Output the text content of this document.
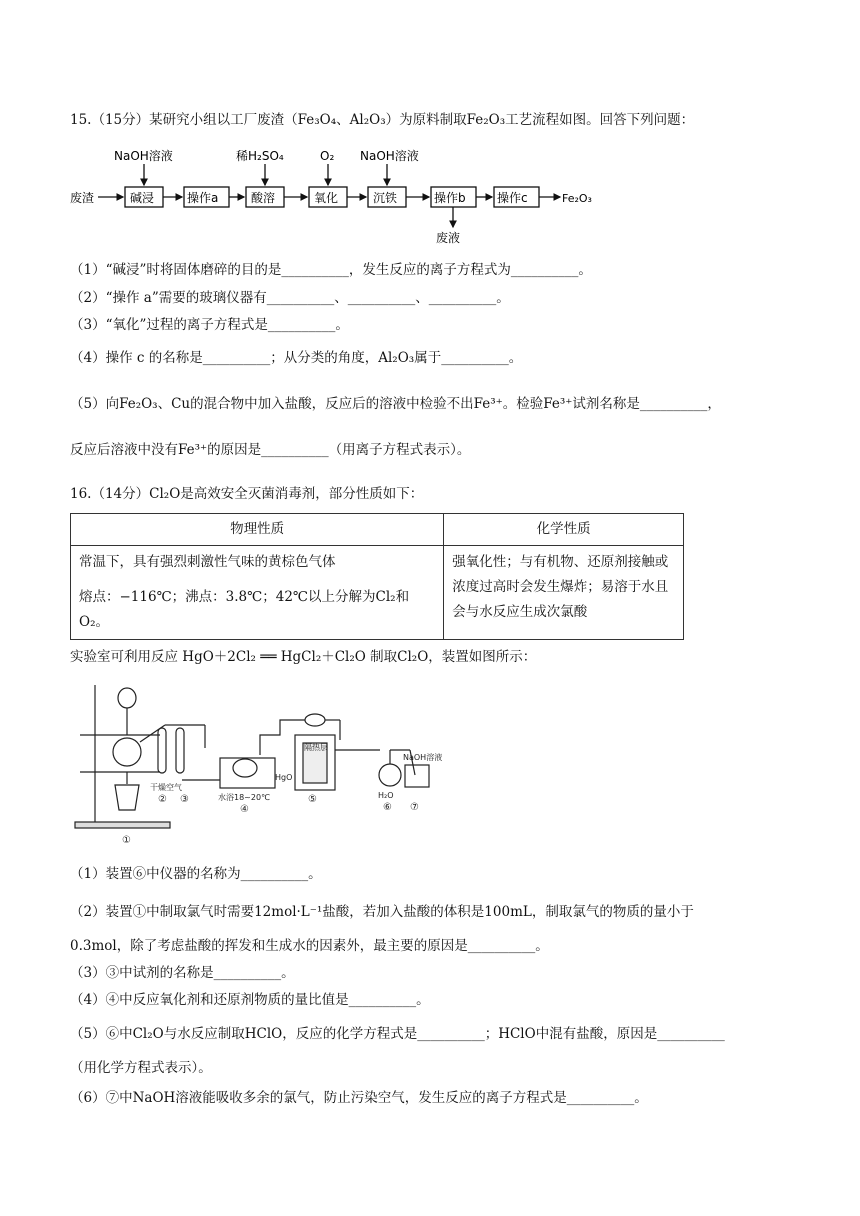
15.（15分）某研究小组以工厂废渣（Fe₃O₄、Al₂O₃）为原料制取Fe₂O₃工艺流程如图。回答下列问题：
废渣	碱浸	操作a	酸溶	氧化	沉铁	操作b	操作c	Fe₂O₃
NaOH溶液	稀H₂SO₄	O₂ NaOH溶液
废液
（1）“碱浸”时将固体磨碎的目的是__________，发生反应的离子方程式为__________。
（2）“操作 a”需要的玻璃仪器有__________、__________、__________。
（3）“氧化”过程的离子方程式是__________。
（4）操作 c 的名称是__________；从分类的角度，Al₂O₃属于__________。
（5）向Fe₂O₃、Cu的混合物中加入盐酸，反应后的溶液中检验不出Fe³⁺。检验Fe³⁺试剂名称是__________，
反应后溶液中没有Fe³⁺的原因是__________（用离子方程式表示）。
16.（14分）Cl₂O是高效安全灭菌消毒剂，部分性质如下：
物理性质	化学性质

常温下，具有强烈刺激性气味的黄棕色气体
熔点：−116℃；沸点：3.8℃；42℃以上分解为Cl₂和O₂。	强氧化性；与有机物、还原剂接触或浓度过高时会发生爆炸；易溶于水且会与水反应生成次氯酸
实验室可利用反应 HgO＋2Cl₂ ══ HgCl₂＋Cl₂O 制取Cl₂O，装置如图所示：
干燥空气
水浴18~20℃
HgO
隔热层
H₂O
NaOH溶液
①
② ③
④
⑤
⑥ ⑦
（1）装置⑥中仪器的名称为__________。
（2）装置①中制取氯气时需要12mol·L⁻¹盐酸，若加入盐酸的体积是100mL，制取氯气的物质的量小于
0.3mol，除了考虑盐酸的挥发和生成水的因素外，最主要的原因是__________。
（3）③中试剂的名称是__________。
（4）④中反应氧化剂和还原剂物质的量比值是__________。
（5）⑥中Cl₂O与水反应制取HClO，反应的化学方程式是__________；HClO中混有盐酸，原因是__________
（用化学方程式表示）。
（6）⑦中NaOH溶液能吸收多余的氯气，防止污染空气，发生反应的离子方程式是__________。
